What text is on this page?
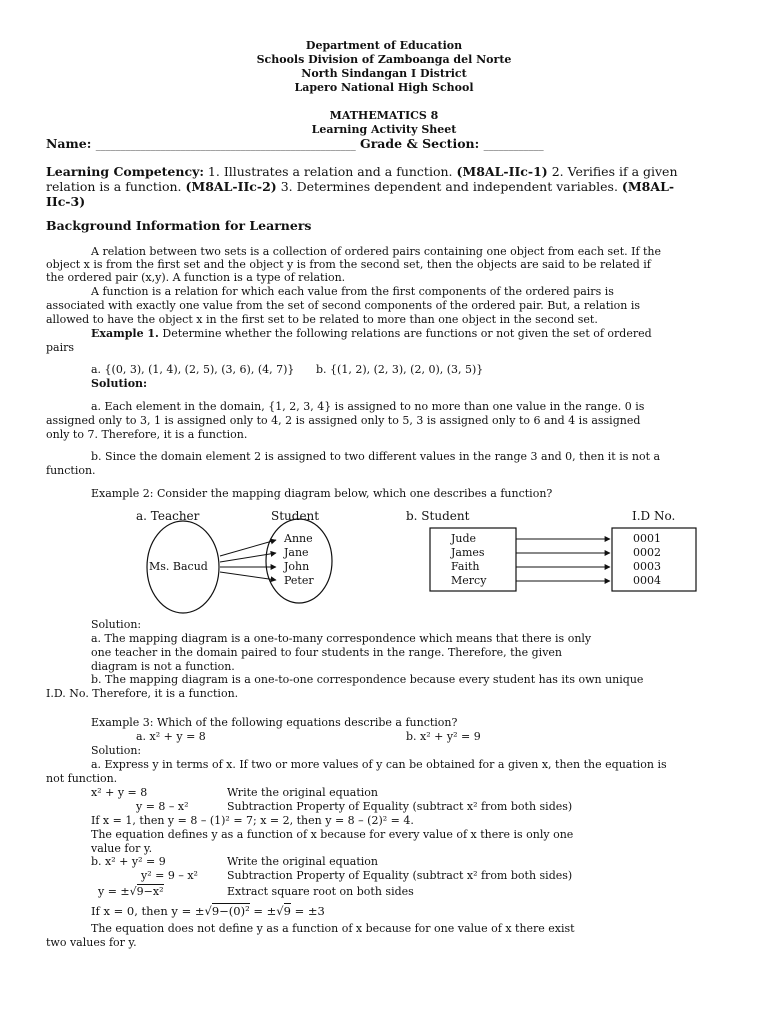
Department of Education
Schools Division of Zamboanga del Norte
North Sindangan I District
Lapero National High School
MATHEMATICS 8
Learning Activity Sheet
Name: ____________________________________________________ Grade & Section: ____________
Learning Competency: 1. Illustrates a relation and a function. (M8AL-IIc-1) 2. Verifies if a given
relation is a function. (M8AL-IIc-2) 3. Determines dependent and independent variables. (M8AL-
IIc-3)
Background Information for Learners
A relation between two sets is a collection of ordered pairs containing one object from each set. If the
object x is from the first set and the object y is from the second set, then the objects are said to be related if
the ordered pair (x,y). A function is a type of relation.
A function is a relation for which each value from the first components of the ordered pairs is
associated with exactly one value from the set of second components of the ordered pair. But, a relation is
allowed to have the object x in the first set to be related to more than one object in the second set.
Example 1. Determine whether the following relations are functions or not given the set of ordered
pairs
a. {(0, 3), (1, 4), (2, 5), (3, 6), (4, 7)}	b. {(1, 2), (2, 3), (2, 0), (3, 5)}
Solution:
a. Each element in the domain, {1, 2, 3, 4} is assigned to no more than one value in the range. 0 is
assigned only to 3, 1 is assigned only to 4, 2 is assigned only to 5, 3 is assigned only to 6 and 4 is assigned
only to 7. Therefore, it is a function.
b. Since the domain element 2 is assigned to two different values in the range 3 and 0, then it is not a
function.
Example 2: Consider the mapping diagram below, which one describes a function?
a. Teacher	Student	b. Student	I.D No.
Ms. Bacud
Anne
Jane
John
Peter
Jude
James
Faith
Mercy
0001
0002
0003
0004
Solution:
a. The mapping diagram is a one-to-many correspondence which means that there is only
one teacher in the domain paired to four students in the range. Therefore, the given
diagram is not a function.
b. The mapping diagram is a one-to-one correspondence because every student has its own unique
I.D. No. Therefore, it is a function.
Example 3: Which of the following equations describe a function?
a. x² + y = 8	b. x² + y² = 9
Solution:
a. Express y in terms of x. If two or more values of y can be obtained for a given x, then the equation is
not function.
x² + y = 8	Write the original equation
y = 8 – x²	Subtraction Property of Equality (subtract x² from both sides)
If x = 1, then y = 8 – (1)² = 7; x = 2, then y = 8 – (2)² = 4.
The equation defines y as a function of x because for every value of x there is only one
value for y.
b. x² + y² = 9	Write the original equation
y² = 9 – x²	Subtraction Property of Equality (subtract x² from both sides)
y = ±√9−x²	Extract square root on both sides
If x = 0, then y = ±√9−(0)² = ±√9 = ±3
The equation does not define y as a function of x because for one value of x there exist
two values for y.
